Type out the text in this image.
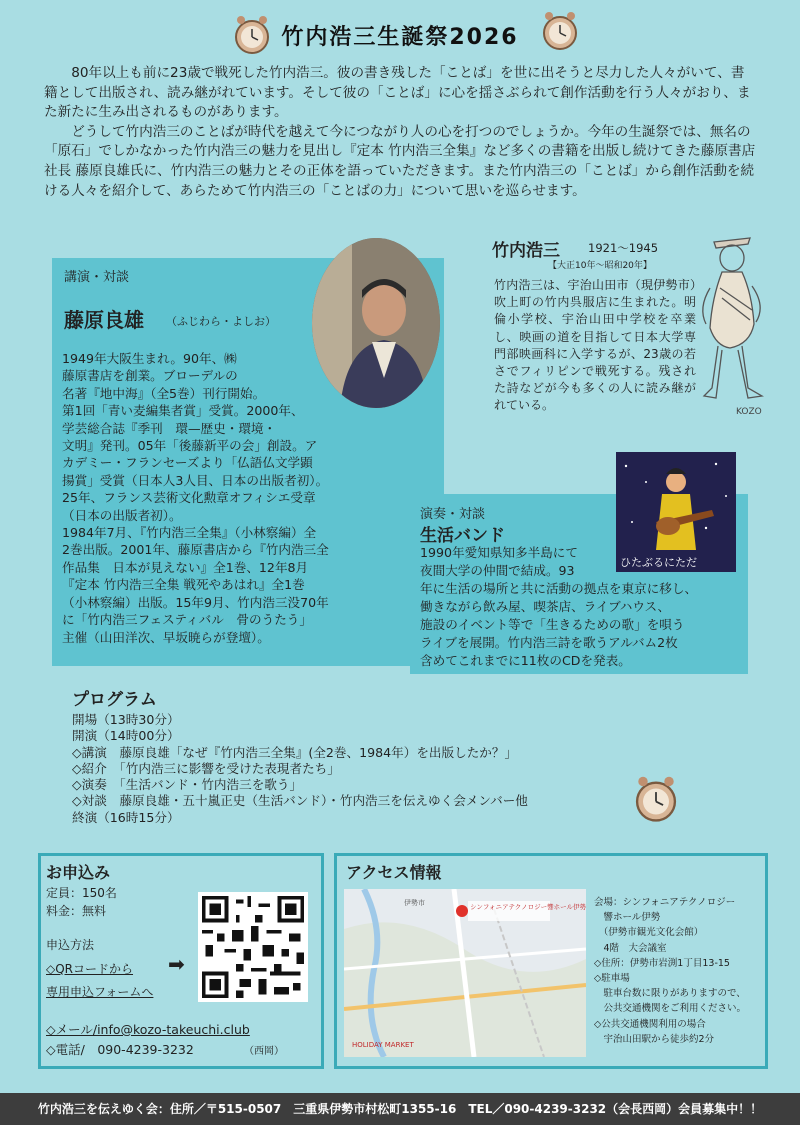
竹内浩三生誕祭2026

80年以上も前に23歳で戦死した竹内浩三。彼の書き残した「ことば」を世に出そうと尽力した人々がいて、書籍として出版され、読み継がれています。そして彼の「ことば」に心を揺さぶられて創作活動を行う人々がおり、また新たに生み出されるものがあります。

どうして竹内浩三のことばが時代を越えて今につながり人の心を打つのでしょうか。今年の生誕祭では、無名の「原石」でしかなかった竹内浩三の魅力を見出し『定本 竹内浩三全集』など多くの書籍を出版し続けてきた藤原書店 社長 藤原良雄氏に、竹内浩三の魅力とその正体を語っていただきます。また竹内浩三の「ことば」から創作活動を続ける人々を紹介して、あらためて竹内浩三の「ことばの力」について思いを巡らせます。

講演・対談
藤原良雄 （ふじわら・よしお）
1949年大阪生まれ。90年、㈱
藤原書店を創業。ブローデルの
名著『地中海』（全5巻）刊行開始。
第1回「青い麦編集者賞」受賞。2000年、
学芸総合誌『季刊　環—歴史・環境・
文明』発刊。05年「後藤新平の会」創設。ア
カデミー・フランセーズより「仏語仏文学顕
揚賞」受賞（日本人3人目、日本の出版者初）。
25年、フランス芸術文化勲章オフィシエ受章
（日本の出版者初）。
1984年7月、『竹内浩三全集』（小林察編）全
2巻出版。2001年、藤原書店から『竹内浩三全
作品集　日本が見えない』全1巻、12年8月
『定本 竹内浩三全集 戦死やあはれ』全1巻
（小林察編）出版。15年9月、竹内浩三没70年
に「竹内浩三フェスティバル　骨のうたう」
主催（山田洋次、早坂暁らが登壇）。
竹内浩三 1921〜1945
【大正10年〜昭和20年】
竹内浩三は、宇治山田市（現伊勢市）吹上町の竹内呉服店に生まれた。明倫小学校、宇治山田中学校を卒業し、映画の道を目指して日本大学専門部映画科に入学するが、23歳の若さでフィリピンで戦死する。残された詩などが今も多くの人に読み継がれている。	KOZO
演奏・対談
生活バンド
1990年愛知県知多半島にて
夜間大学の仲間で結成。93
年に生活の場所と共に活動の拠点を東京に移し、
働きながら飲み屋、喫茶店、ライブハウス、
施設のイベント等で「生きるための歌」を唄う
ライブを展開。竹内浩三詩を歌うアルバム2枚
含めてこれまでに11枚のCDを発表。
ひたぶるにただ
プログラム
開場（13時30分）
開演（14時00分）
◇講演　藤原良雄「なぜ『竹内浩三全集』(全2巻、1984年）を出版したか？」
◇紹介　「竹内浩三に影響を受けた表現者たち」
◇演奏　「生活バンド・竹内浩三を歌う」
◇対談　藤原良雄・五十嵐正史（生活バンド）・竹内浩三を伝えゆく会メンバー他
終演（16時15分）
お申込み
定員：150名
料金：無料
申込方法
◇QRコードから ➡
専用申込フォームへ
◇メール/info@kozo-takeuchi.club
◇電話/　090-4239-3232	（西岡）
アクセス情報
シンフォニアテクノロジー響ホール伊勢
伊勢市
HOLIDAY MARKET
会場：シンフォニアテクノロジー
　響ホール伊勢
　（伊勢市観光文化会館）
　4階　大会議室
◇住所：伊勢市岩渕1丁目13-15
◇駐車場
　駐車台数に限りがありますので、
　公共交通機関をご利用ください。
◇公共交通機関利用の場合
　宇治山田駅から徒歩約2分
竹内浩三を伝えゆく会：住所／〒515-0507　三重県伊勢市村松町1355-16　TEL／090-4239-3232（会長西岡）会員募集中！！
